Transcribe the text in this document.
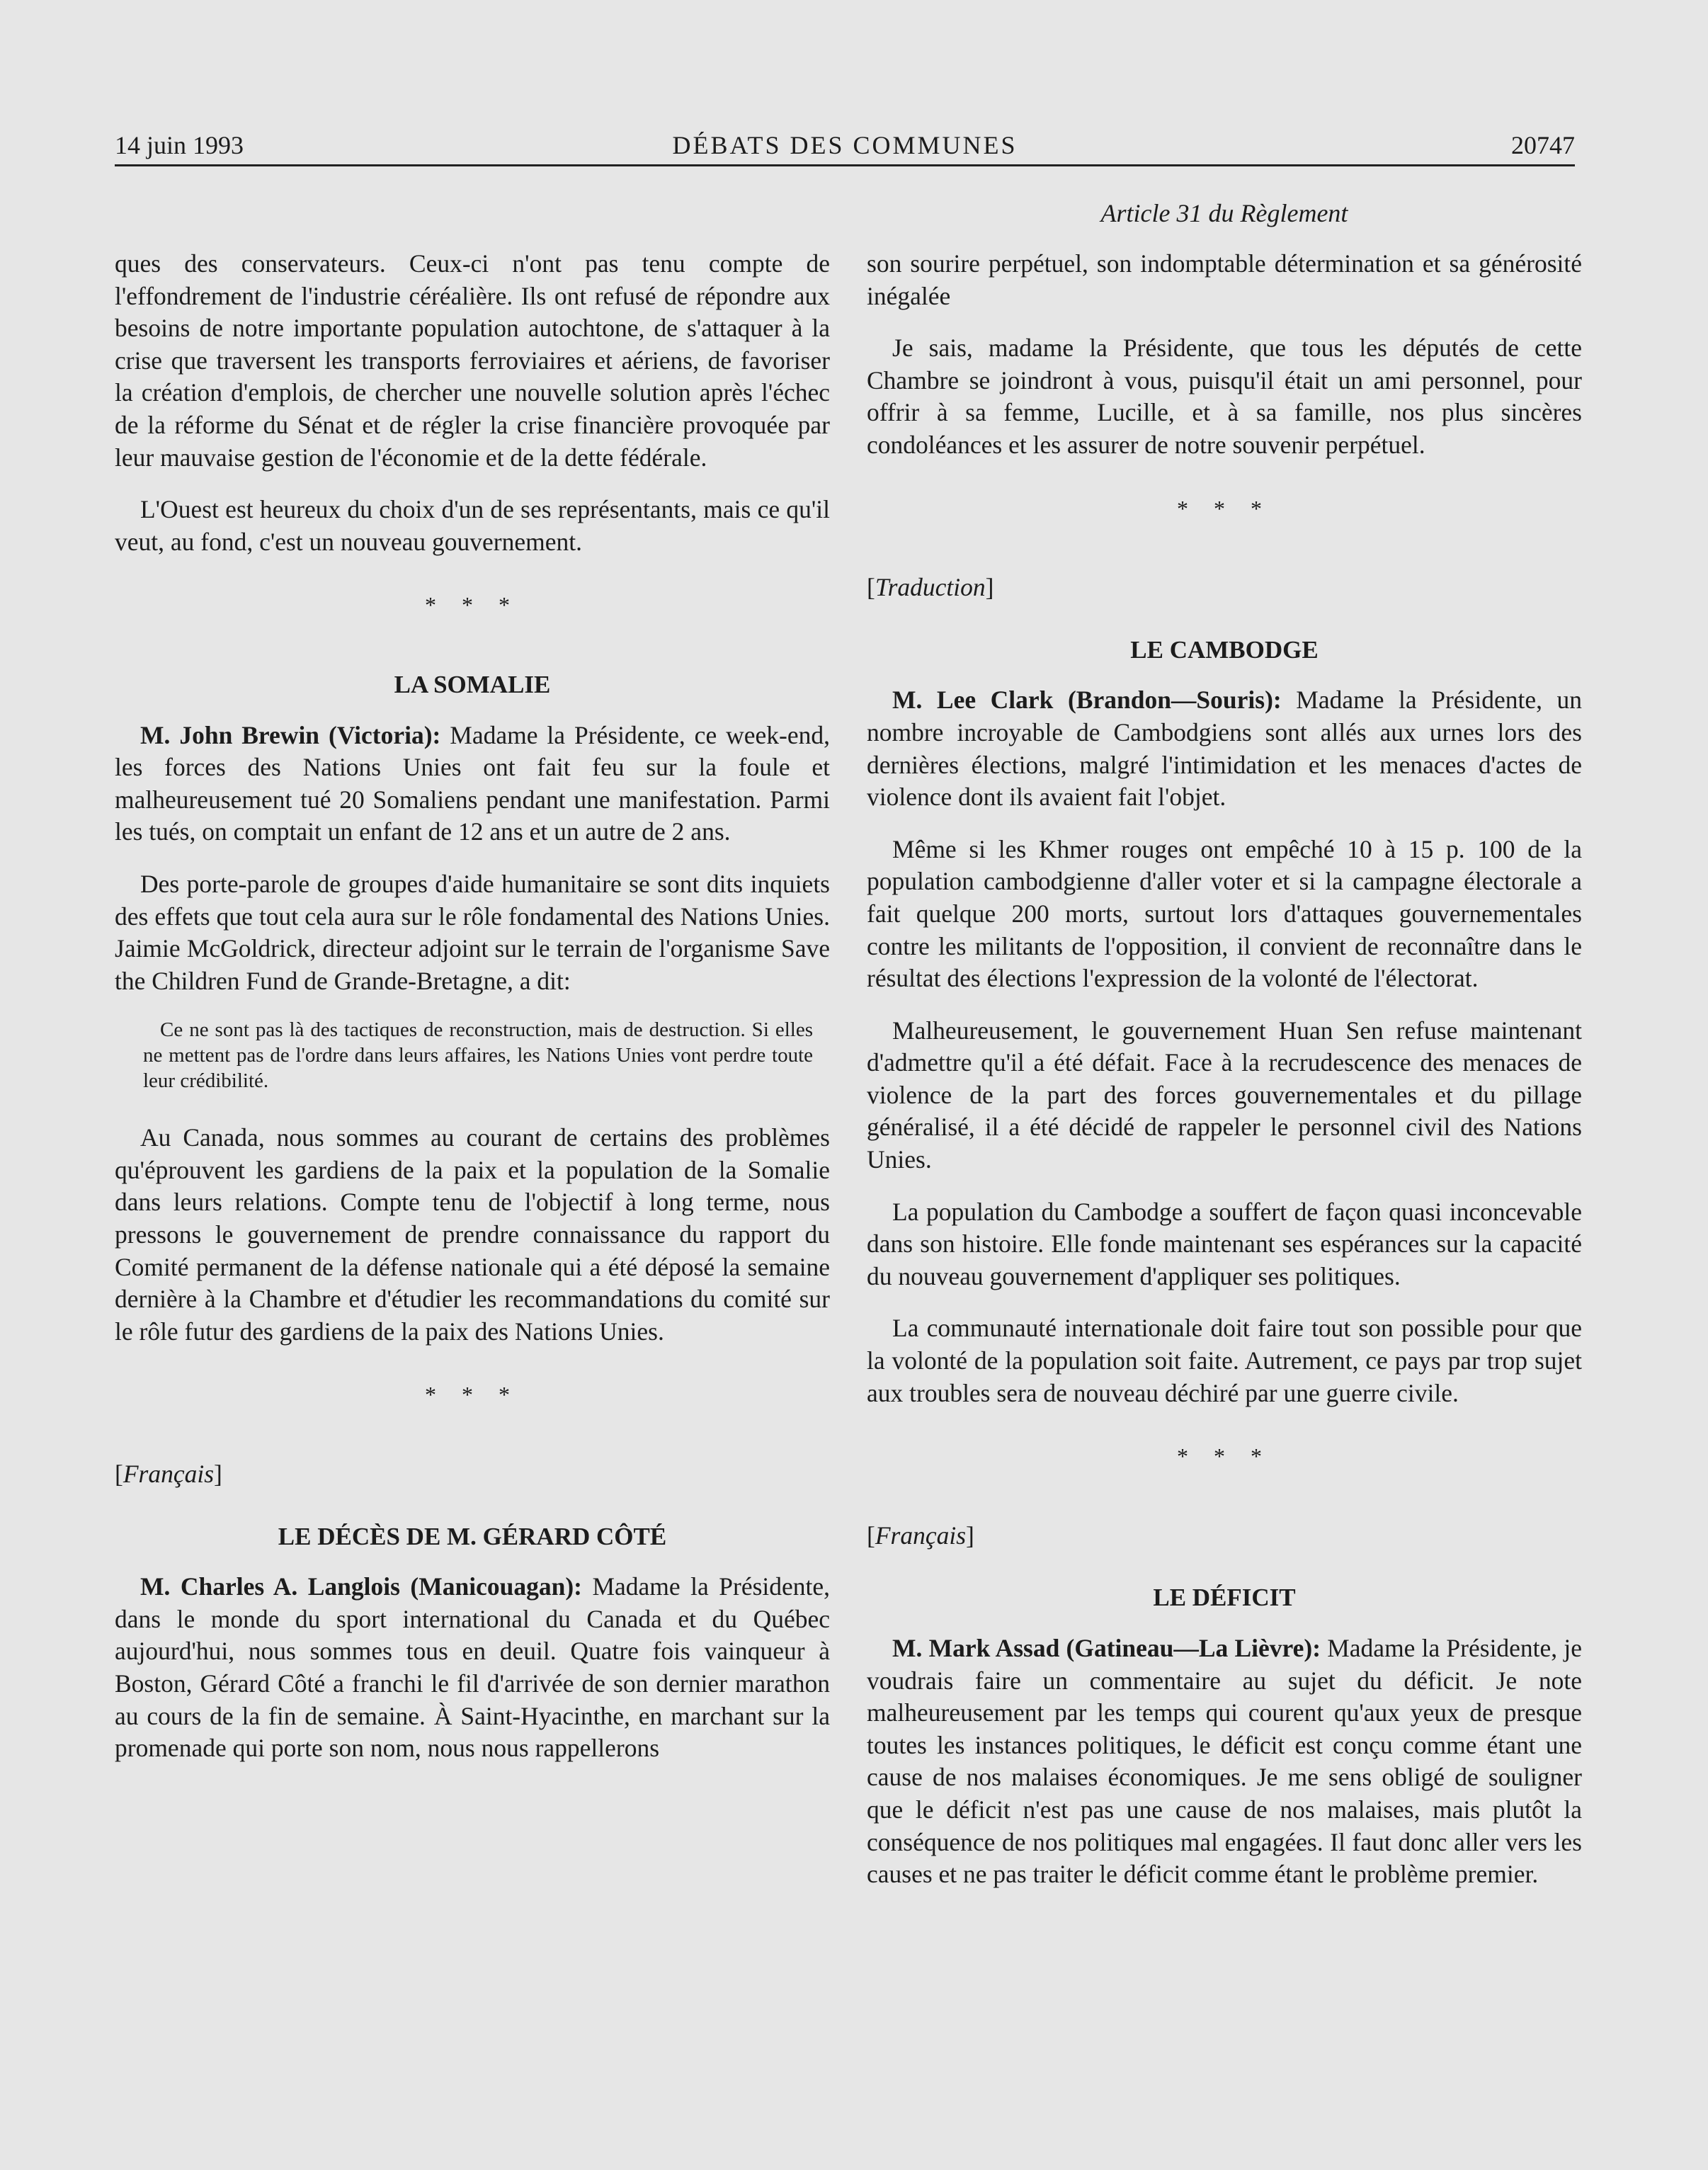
14 juin 1993	DÉBATS DES COMMUNES	20747
Article 31 du Règlement

ques des conservateurs. Ceux-ci n'ont pas tenu compte de l'effondrement de l'industrie céréalière. Ils ont refusé de répondre aux besoins de notre importante population autochtone, de s'attaquer à la crise que traversent les transports ferroviaires et aériens, de favoriser la création d'emplois, de chercher une nouvelle solution après l'échec de la réforme du Sénat et de régler la crise financière provoquée par leur mauvaise gestion de l'économie et de la dette fédérale.

L'Ouest est heureux du choix d'un de ses représentants, mais ce qu'il veut, au fond, c'est un nouveau gouvernement.

* * *
LA SOMALIE

M. John Brewin (Victoria): Madame la Présidente, ce week-end, les forces des Nations Unies ont fait feu sur la foule et malheureusement tué 20 Somaliens pendant une manifestation. Parmi les tués, on comptait un enfant de 12 ans et un autre de 2 ans.

Des porte-parole de groupes d'aide humanitaire se sont dits inquiets des effets que tout cela aura sur le rôle fondamental des Nations Unies. Jaimie McGoldrick, directeur adjoint sur le terrain de l'organisme Save the Children Fund de Grande-Bretagne, a dit:

Ce ne sont pas là des tactiques de reconstruction, mais de destruction. Si elles ne mettent pas de l'ordre dans leurs affaires, les Nations Unies vont perdre toute leur crédibilité.

Au Canada, nous sommes au courant de certains des problèmes qu'éprouvent les gardiens de la paix et la population de la Somalie dans leurs relations. Compte tenu de l'objectif à long terme, nous pressons le gouvernement de prendre connaissance du rapport du Comité permanent de la défense nationale qui a été déposé la semaine dernière à la Chambre et d'étudier les recommandations du comité sur le rôle futur des gardiens de la paix des Nations Unies.

* * *
[Français]
LE DÉCÈS DE M. GÉRARD CÔTÉ

M. Charles A. Langlois (Manicouagan): Madame la Présidente, dans le monde du sport international du Canada et du Québec aujourd'hui, nous sommes tous en deuil. Quatre fois vainqueur à Boston, Gérard Côté a franchi le fil d'arrivée de son dernier marathon au cours de la fin de semaine. À Saint-Hyacinthe, en marchant sur la promenade qui porte son nom, nous nous rappellerons

son sourire perpétuel, son indomptable détermination et sa générosité inégalée

Je sais, madame la Présidente, que tous les députés de cette Chambre se joindront à vous, puisqu'il était un ami personnel, pour offrir à sa femme, Lucille, et à sa famille, nos plus sincères condoléances et les assurer de notre souvenir perpétuel.

* * *
[Traduction]
LE CAMBODGE

M. Lee Clark (Brandon—Souris): Madame la Présidente, un nombre incroyable de Cambodgiens sont allés aux urnes lors des dernières élections, malgré l'intimidation et les menaces d'actes de violence dont ils avaient fait l'objet.

Même si les Khmer rouges ont empêché 10 à 15 p. 100 de la population cambodgienne d'aller voter et si la campagne électorale a fait quelque 200 morts, surtout lors d'attaques gouvernementales contre les militants de l'opposition, il convient de reconnaître dans le résultat des élections l'expression de la volonté de l'électorat.

Malheureusement, le gouvernement Huan Sen refuse maintenant d'admettre qu'il a été défait. Face à la recrudescence des menaces de violence de la part des forces gouvernementales et du pillage généralisé, il a été décidé de rappeler le personnel civil des Nations Unies.

La population du Cambodge a souffert de façon quasi inconcevable dans son histoire. Elle fonde maintenant ses espérances sur la capacité du nouveau gouvernement d'appliquer ses politiques.

La communauté internationale doit faire tout son possible pour que la volonté de la population soit faite. Autrement, ce pays par trop sujet aux troubles sera de nouveau déchiré par une guerre civile.

* * *
[Français]
LE DÉFICIT

M. Mark Assad (Gatineau—La Lièvre): Madame la Présidente, je voudrais faire un commentaire au sujet du déficit. Je note malheureusement par les temps qui courent qu'aux yeux de presque toutes les instances politiques, le déficit est conçu comme étant une cause de nos malaises économiques. Je me sens obligé de souligner que le déficit n'est pas une cause de nos malaises, mais plutôt la conséquence de nos politiques mal engagées. Il faut donc aller vers les causes et ne pas traiter le déficit comme étant le problème premier.
